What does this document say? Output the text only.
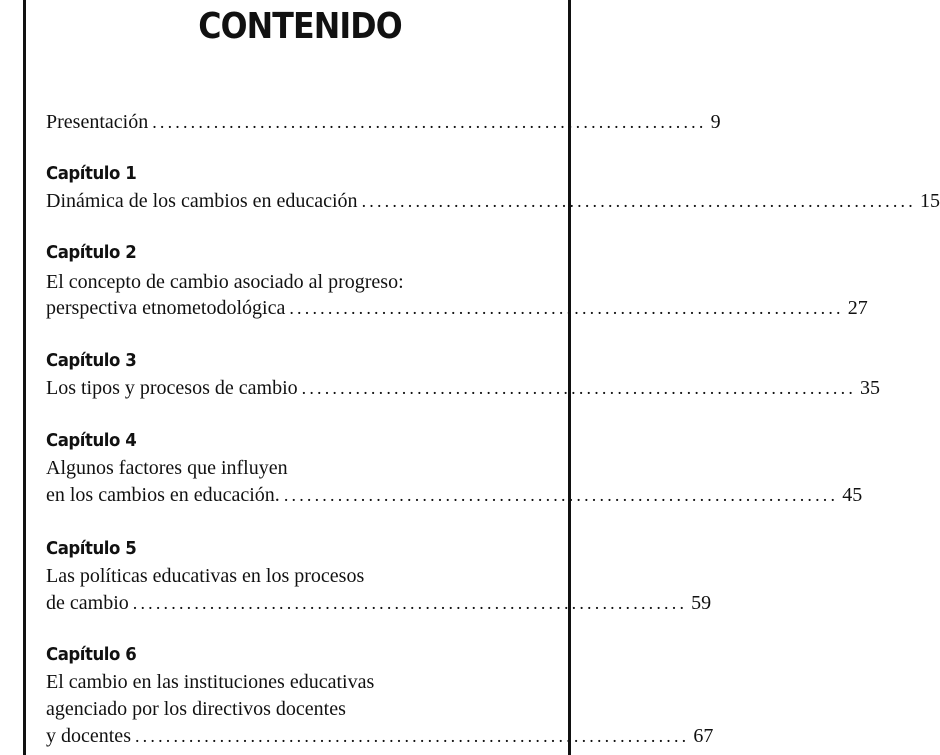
CONTENIDO
Presentación ........................................................................ 9
Capítulo 1
Dinámica de los cambios en educación ........................................................................ 15
Capítulo 2
El concepto de cambio asociado al progreso:
perspectiva etnometodológica ........................................................................ 27
Capítulo 3
Los tipos y procesos de cambio ........................................................................ 35
Capítulo 4
Algunos factores que influyen
en los cambios en educación. ........................................................................ 45
Capítulo 5
Las políticas educativas en los procesos
de cambio ........................................................................ 59
Capítulo 6
El cambio en las instituciones educativas
agenciado por los directivos docentes
y docentes ........................................................................ 67
